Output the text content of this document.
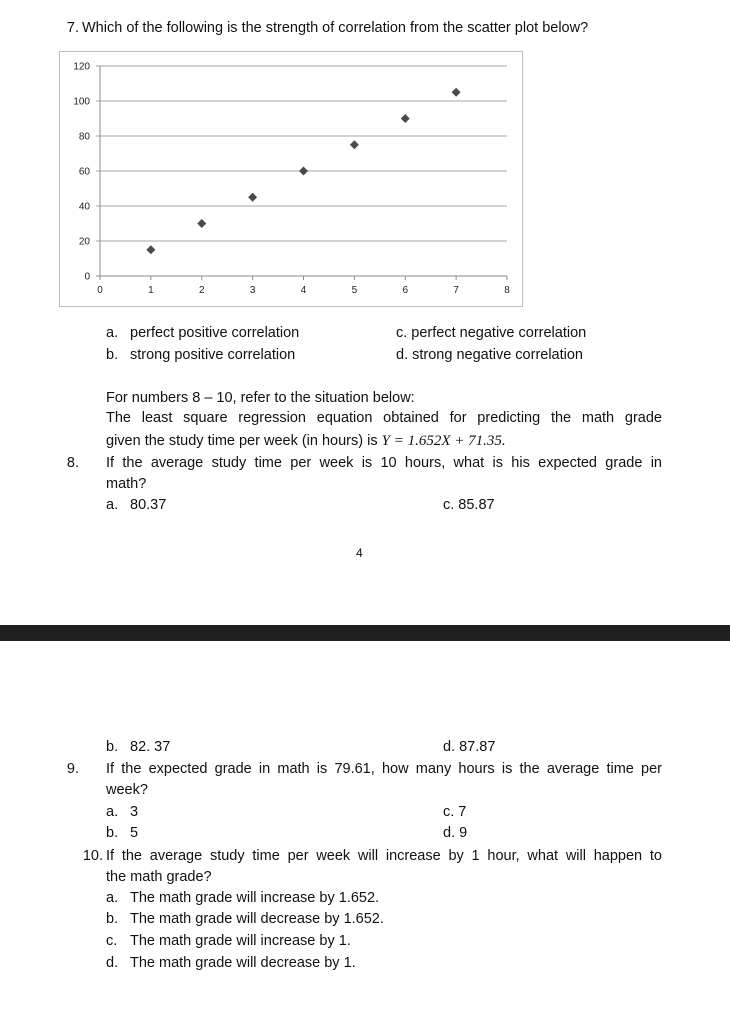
7. Which of the following is the strength of correlation from the scatter plot below?
0
20
40
60
80
100
120
0	1	2	3	4	5	6	7	8
a. perfect positive correlation
b. strong positive correlation
c. perfect negative correlation
d. strong negative correlation
For numbers 8 – 10, refer to the situation below:
The least square regression equation obtained for predicting the math grade
given the study time per week (in hours) is Y = 1.652X + 71.35.
8. If the average study time per week is 10 hours, what is his expected grade in
math?
a. 80.37	c. 85.87
4
b. 82. 37	d. 87.87
9. If the expected grade in math is 79.61, how many hours is the average time per
week?
a. 3	c. 7
b. 5	d. 9
10. If the average study time per week will increase by 1 hour, what will happen to
the math grade?
a. The math grade will increase by 1.652.
b. The math grade will decrease by 1.652.
c. The math grade will increase by 1.
d. The math grade will decrease by 1.
